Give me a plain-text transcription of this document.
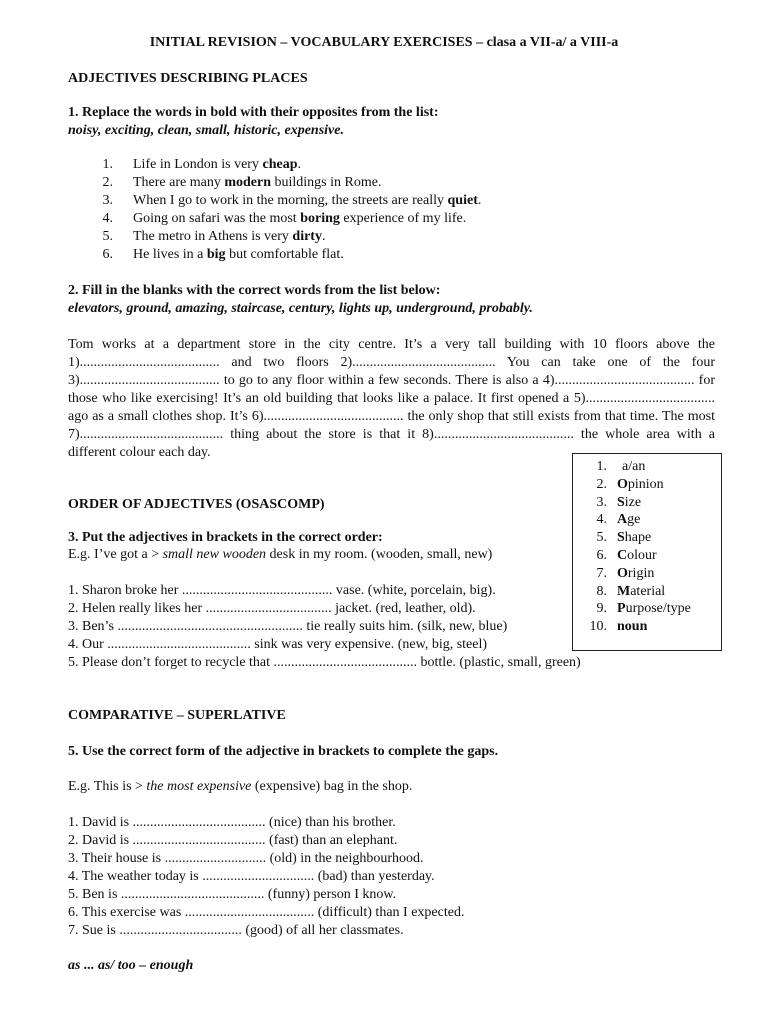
INITIAL REVISION – VOCABULARY EXERCISES – clasa a VII-a/ a VIII-a
ADJECTIVES DESCRIBING PLACES
1. Replace the words in bold with their opposites from the list:
noisy, exciting, clean, small, historic, expensive.
1. Life in London is very cheap.
2. There are many modern buildings in Rome.
3. When I go to work in the morning, the streets are really quiet.
4. Going on safari was the most boring experience of my life.
5. The metro in Athens is very dirty.
6. He lives in a big but comfortable flat.
2. Fill in the blanks with the correct words from the list below:
elevators, ground, amazing, staircase, century, lights up, underground, probably.

Tom works at a department store in the city centre. It’s a very tall building with 10 floors above the 1)........................................ and two floors 2)......................................... You can take one of the four 3)........................................ to go to any floor within a few seconds. There is also a 4)........................................ for those who like exercising! It’s an old building that looks like a palace. It first opened a 5)..................................... ago as a small clothes shop. It’s 6)........................................ the only shop that still exists from that time. The most 7)......................................... thing about the store is that it 8)........................................ the whole area with a different colour each day.

1. a/an
2. Opinion
3. Size
4. Age
5. Shape
6. Colour
7. Origin
8. Material
9. Purpose/type
10. noun
ORDER OF ADJECTIVES (OSASCOMP)
3. Put the adjectives in brackets in the correct order:
E.g. I’ve got a > small new wooden desk in my room. (wooden, small, new)
1. Sharon broke her ........................................... vase. (white, porcelain, big).
2. Helen really likes her .................................... jacket. (red, leather, old).
3. Ben’s ..................................................... tie really suits him. (silk, new, blue)
4. Our ......................................... sink was very expensive. (new, big, steel)
5. Please don’t forget to recycle that ......................................... bottle. (plastic, small, green)
COMPARATIVE – SUPERLATIVE
5. Use the correct form of the adjective in brackets to complete the gaps.
E.g. This is > the most expensive (expensive) bag in the shop.
1. David is ...................................... (nice) than his brother.
2. David is ...................................... (fast) than an elephant.
3. Their house is ............................. (old) in the neighbourhood.
4. The weather today is ................................ (bad) than yesterday.
5. Ben is ......................................... (funny) person I know.
6. This exercise was ..................................... (difficult) than I expected.
7. Sue is ................................... (good) of all her classmates.
as ... as/ too – enough
